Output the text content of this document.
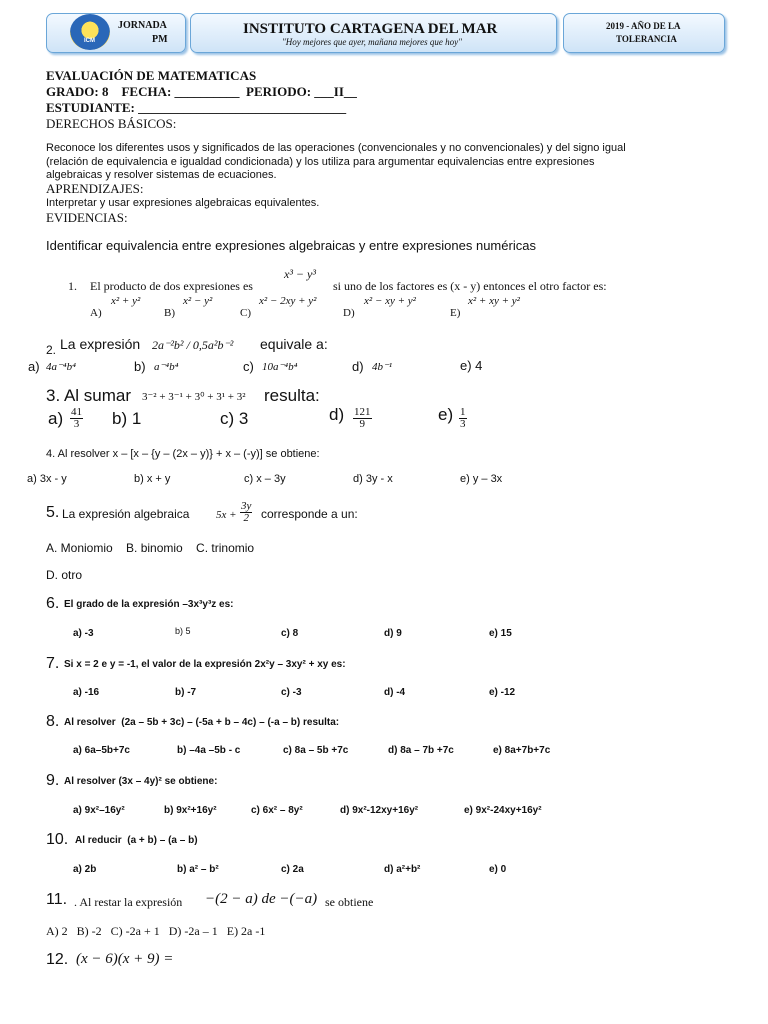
ICM
JORNADA
PM
INSTITUTO CARTAGENA DEL MAR
"Hoy mejores que ayer, mañana mejores que hoy"
2019 - AÑO DE LA
TOLERANCIA
EVALUACIÓN DE MATEMATICAS
GRADO: 8    FECHA: __________  PERIODO: ___II__
ESTUDIANTE: ________________________________
DERECHOS BÁSICOS:
Reconoce los diferentes usos y significados de las operaciones (convencionales y no convencionales) y del signo igual
(relación de equivalencia e igualdad condicionada) y los utiliza para argumentar equivalencias entre expresiones
algebraicas y resolver sistemas de ecuaciones.
APRENDIZAJES:
Interpretar y usar expresiones algebraicas equivalentes.
EVIDENCIAS:
Identificar equivalencia entre expresiones algebraicas y entre expresiones numéricas
1. El producto de dos expresiones es
x³ − y³
si uno de los factores es (x - y) entonces el otro factor es:
A)
x² + y²
B)
x² − y²
C)
x² − 2xy + y²
D)
x² − xy + y²
E)
x² + xy + y²
2. La expresión 2a⁻²b² / 0,5a²b⁻² equivale a:
a) 4a⁻⁴b⁴	b) a⁻⁴b⁴	c) 10a⁻⁴b⁴	d) 4b⁻¹	e) 4
3. Al sumar 3⁻² + 3⁻¹ + 3⁰ + 3¹ + 3² resulta:
$a) \frac{41}{3} b$) 1	c) 3	$d) \frac{121}{9}$	$e) \frac{1}{3}$
4. Al resolver x – [x – {y – (2x – y)} + x – (-y)] se obtiene:
a) 3x - y	b) x + y	c) x – 3y	d) 3y - x	e) y – 3x
5. La expresión algebraica $5x + \frac{3y}{2}$ corresponde a un:
A. Moniomio    B. binomio    C. trinomio
D. otro
6. El grado de la expresión –3x³y³z es:
a) -3	b) 5	c) 8	d) 9	e) 15
7. Si x = 2 e y = -1, el valor de la expresión 2x²y – 3xy² + xy es:
a) -16	b) -7	c) -3	d) -4	e) -12
8. Al resolver  (2a – 5b + 3c) – (-5a + b – 4c) – (-a – b) resulta:
a) 6a–5b+7c	b) –4a –5b - c	c) 8a – 5b +7c	d) 8a – 7b +7c	e) 8a+7b+7c
9. Al resolver (3x – 4y)² se obtiene:
a) 9x²–16y²	b) 9x²+16y²	c) 6x² – 8y²	d) 9x²-12xy+16y²	e) 9x²-24xy+16y²
10. Al reducir  (a + b) – (a – b)
a) 2b	b) a² – b²	c) 2a	d) a²+b²	e) 0
11. . Al restar la expresión −(2 − a) de −(−a) se obtiene
A) 2   B) -2   C) -2a + 1   D) -2a – 1   E) 2a -1
12. (x − 6)(x + 9) =
